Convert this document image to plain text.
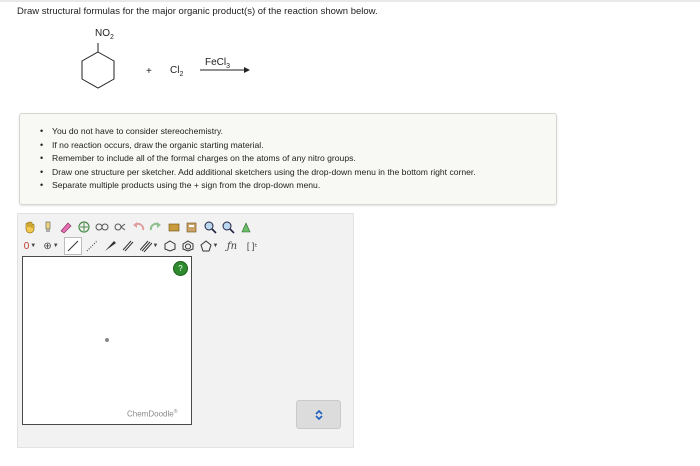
Draw structural formulas for the major organic product(s) of the reaction shown below.
$NO_2$
+ $Cl_2$
FeCl$_3$
• You do not have to consider stereochemistry.
• If no reaction occurs, draw the organic starting material.
• Remember to include all of the formal charges on the atoms of any nitro groups.
• Draw one structure per sketcher. Add additional sketchers using the drop-down menu in the bottom right corner.
• Separate multiple products using the + sign from the drop-down menu.
0 ▼ ⊕ ▼	▼	▼ ƒn	[ ] ±
?
ChemDoodle®
